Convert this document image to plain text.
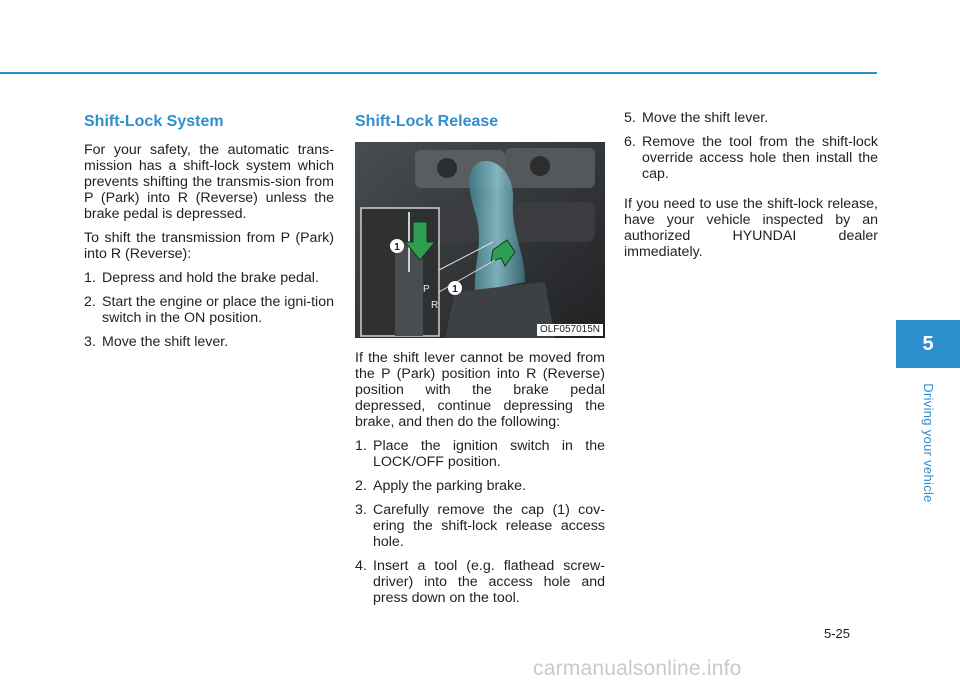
Shift-Lock System

For your safety, the automatic trans-mission has a shift-lock system which prevents shifting the transmis-sion from P (Park) into R (Reverse) unless the brake pedal is depressed.

To shift the transmission from P (Park) into R (Reverse):

1. Depress and hold the brake pedal.
2. Start the engine or place the igni-tion switch in the ON position.
3. Move the shift lever.
Shift-Lock Release
1
1
P
R
OLF057015N

If the shift lever cannot be moved from the P (Park) position into R (Reverse) position with the brake pedal depressed, continue depressing the brake, and then do the following:

1. Place the ignition switch in the LOCK/OFF position.
2. Apply the parking brake.
3. Carefully remove the cap (1) cov-ering the shift-lock release access hole.
4. Insert a tool (e.g. flathead screw-driver) into the access hole and press down on the tool.
5. Move the shift lever.
6. Remove the tool from the shift-lock override access hole then install the cap.

If you need to use the shift-lock release, have your vehicle inspected by an authorized HYUNDAI dealer immediately.

5
Driving your vehicle
5-25
carmanualsonline.info
